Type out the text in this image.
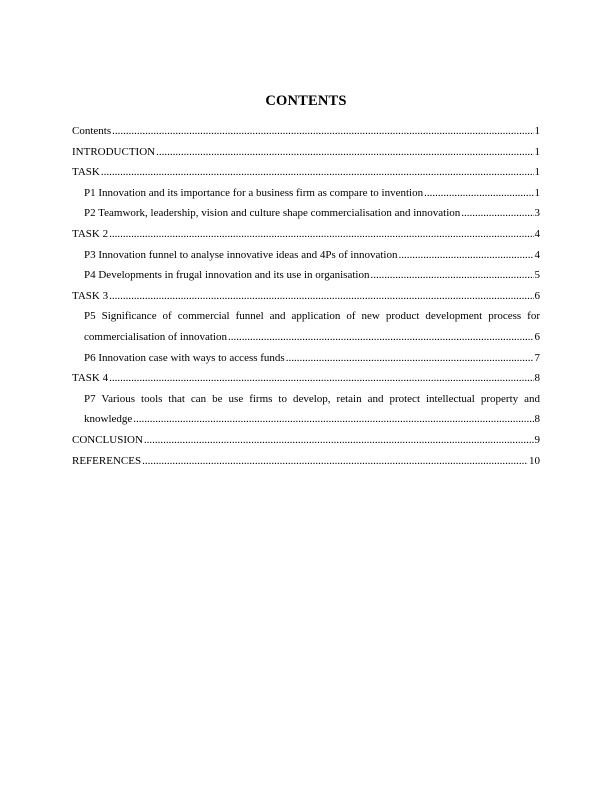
CONTENTS
Contents .....	1
INTRODUCTION .....	1
TASK .....	1
P1 Innovation and its importance for a business firm as compare to invention .....	1
P2 Teamwork, leadership, vision and culture shape commercialisation and innovation .....	3
TASK 2 .....	4
P3 Innovation funnel to analyse innovative ideas and 4Ps of innovation .....	4
P4 Developments in frugal innovation and its use in organisation .....	5
TASK 3 .....	6
P5 Significance of commercial funnel and application of new product development process for
commercialisation of innovation .....	6
P6 Innovation case with ways to access funds .....	7
TASK 4 .....	8
P7 Various tools that can be use firms to develop, retain and protect intellectual property and
knowledge .....	8
CONCLUSION .....	9
REFERENCES .....	10
